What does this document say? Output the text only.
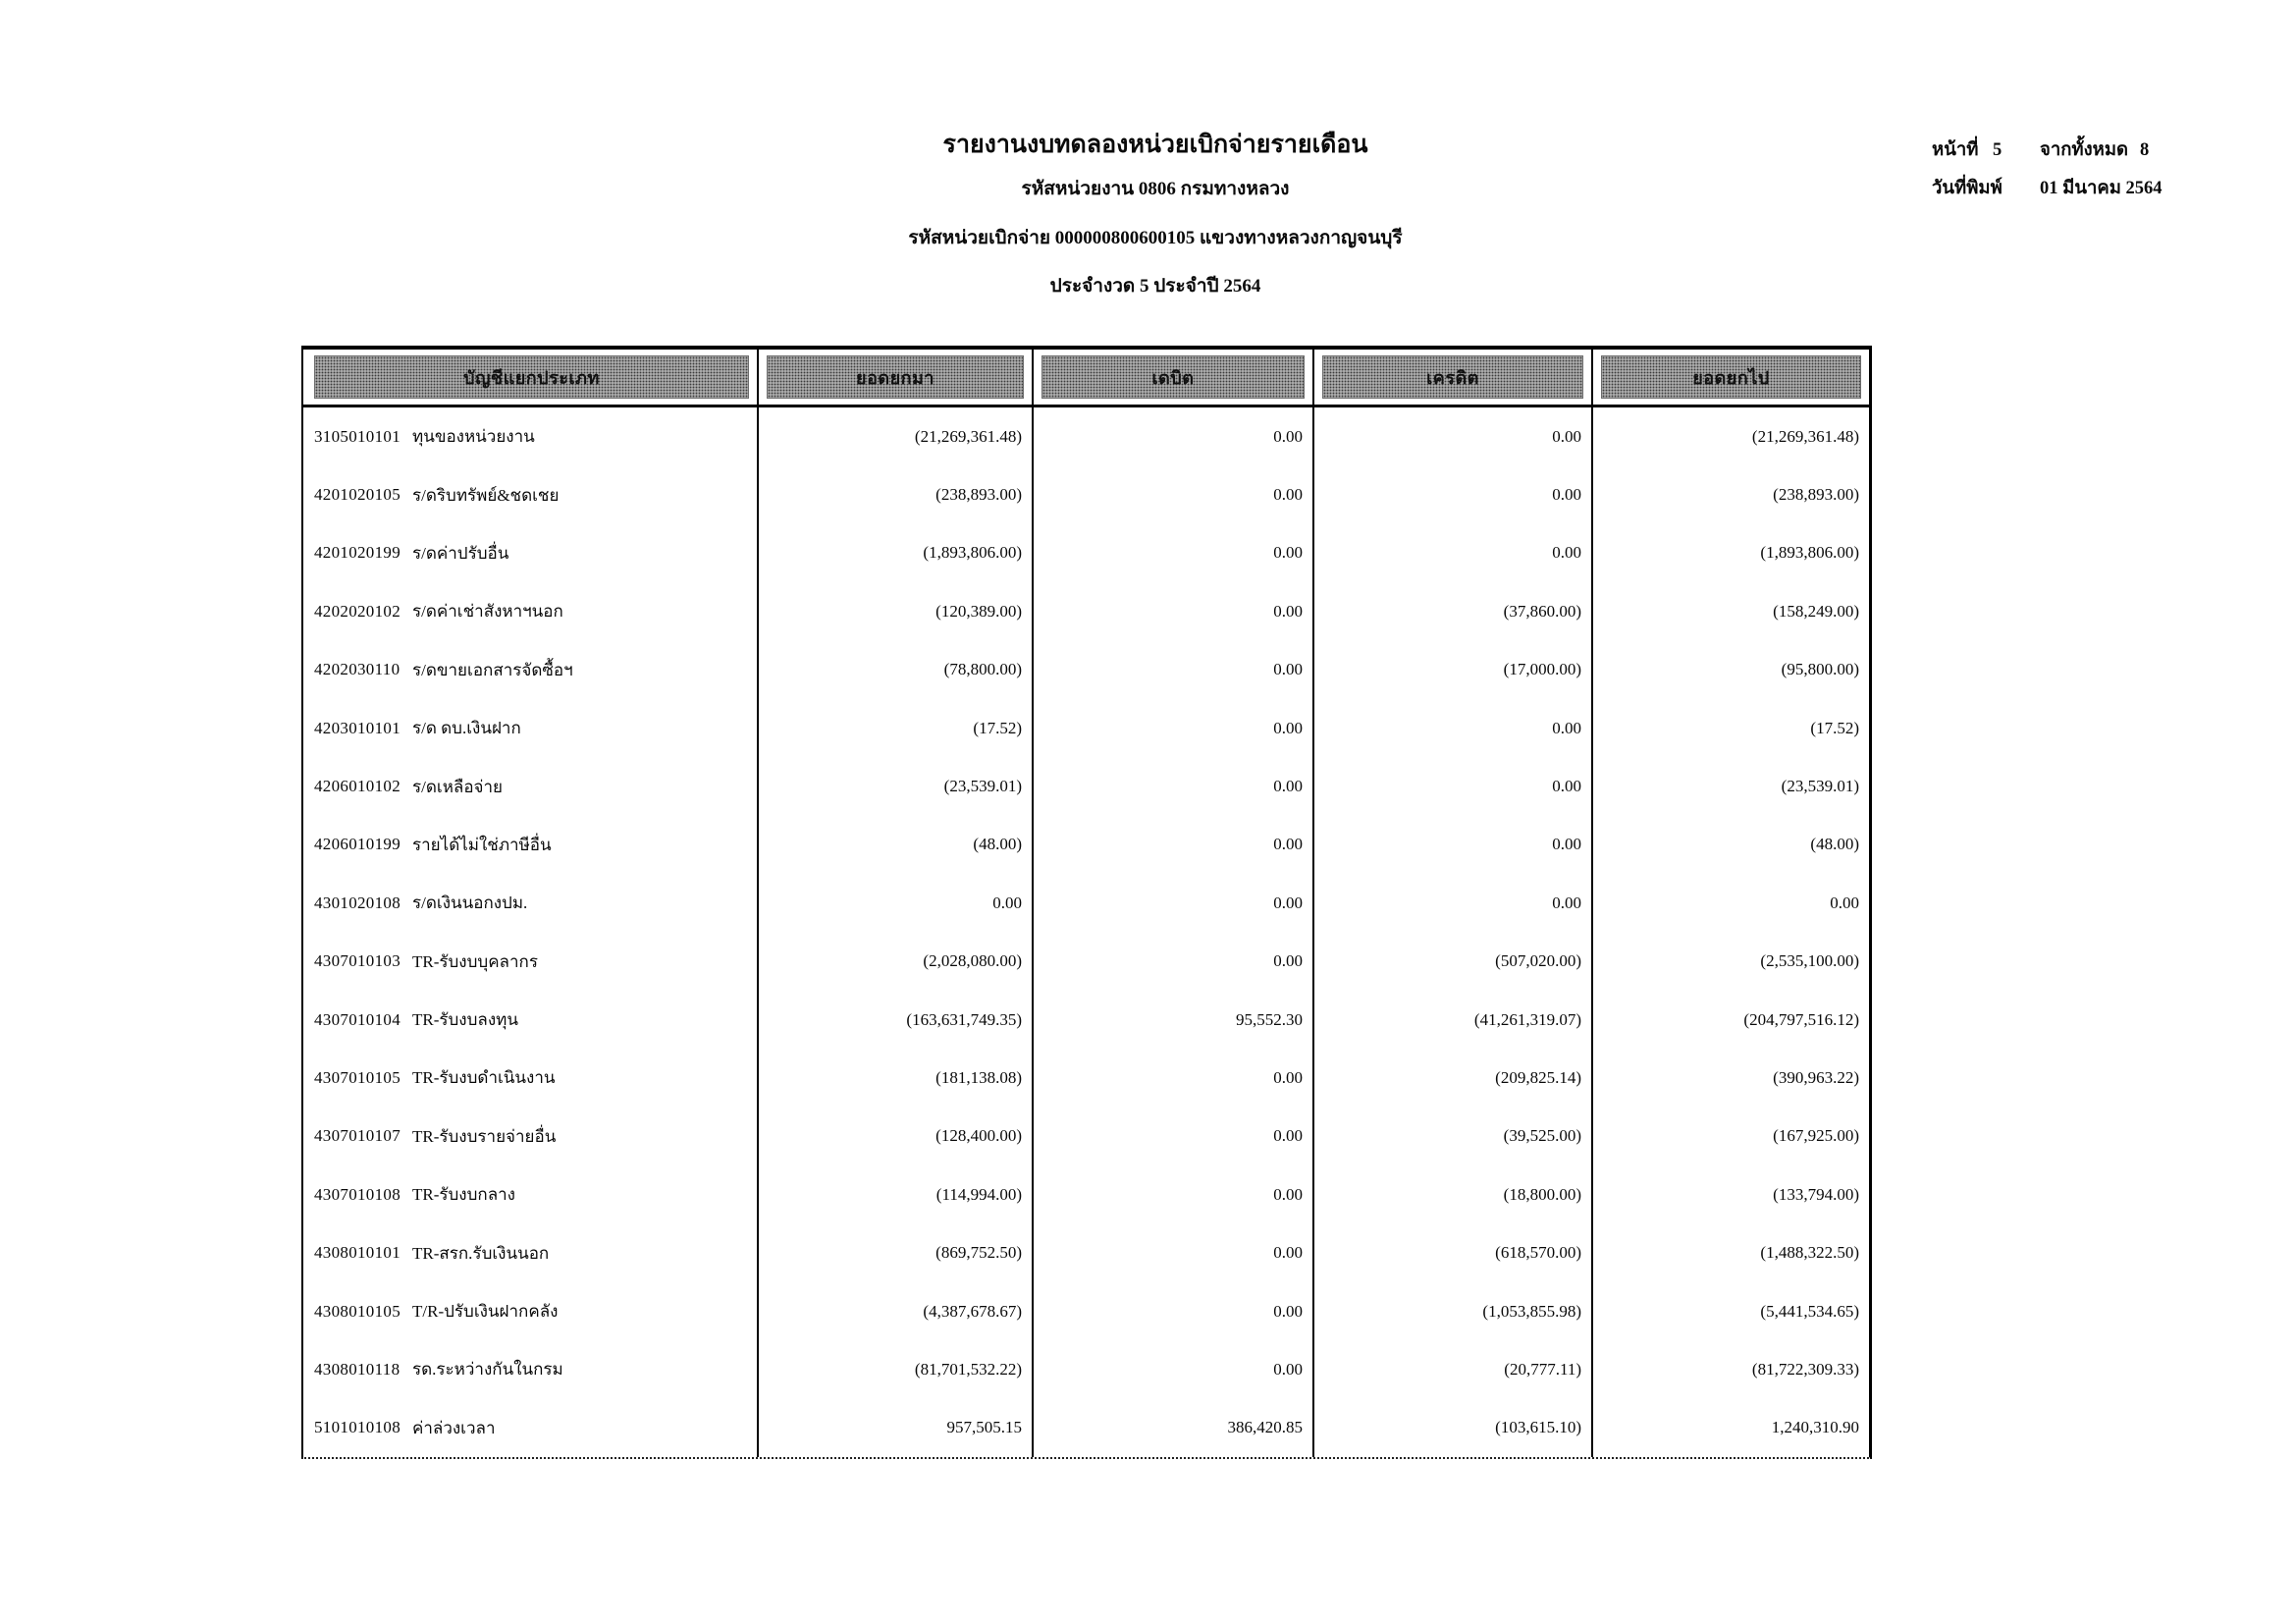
รายงานงบทดลองหน่วยเบิกจ่ายรายเดือน
รหัสหน่วยงาน 0806 กรมทางหลวง
รหัสหน่วยเบิกจ่าย 000000800600105 แขวงทางหลวงกาญจนบุรี
ประจำงวด 5 ประจำปี 2564
หน้าที่ 5	จากทั้งหมด 8
วันที่พิมพ์	01 มีนาคม 2564
บัญชีแยกประเภท	ยอดยกมา	เดบิต	เครดิต	ยอดยกไป
3105010101 ทุนของหน่วยงาน	(21,269,361.48)	0.00	0.00	(21,269,361.48)
4201020105 ร/ดริบทรัพย์&ชดเชย	(238,893.00)	0.00	0.00	(238,893.00)
4201020199 ร/ดค่าปรับอื่น	(1,893,806.00)	0.00	0.00	(1,893,806.00)
4202020102 ร/ดค่าเช่าสังหาฯนอก	(120,389.00)	0.00	(37,860.00)	(158,249.00)
4202030110 ร/ดขายเอกสารจัดซื้อฯ	(78,800.00)	0.00	(17,000.00)	(95,800.00)
4203010101 ร/ด ดบ.เงินฝาก	(17.52)	0.00	0.00	(17.52)
4206010102 ร/ดเหลือจ่าย	(23,539.01)	0.00	0.00	(23,539.01)
4206010199 รายได้ไม่ใช่ภาษีอื่น	(48.00)	0.00	0.00	(48.00)
4301020108 ร/ดเงินนอกงปม.	0.00	0.00	0.00	0.00
4307010103 TR-รับงบบุคลากร	(2,028,080.00)	0.00	(507,020.00)	(2,535,100.00)
4307010104 TR-รับงบลงทุน	(163,631,749.35)	95,552.30	(41,261,319.07)	(204,797,516.12)
4307010105 TR-รับงบดำเนินงาน	(181,138.08)	0.00	(209,825.14)	(390,963.22)
4307010107 TR-รับงบรายจ่ายอื่น	(128,400.00)	0.00	(39,525.00)	(167,925.00)
4307010108 TR-รับงบกลาง	(114,994.00)	0.00	(18,800.00)	(133,794.00)
4308010101 TR-สรก.รับเงินนอก	(869,752.50)	0.00	(618,570.00)	(1,488,322.50)
4308010105 T/R-ปรับเงินฝากคลัง	(4,387,678.67)	0.00	(1,053,855.98)	(5,441,534.65)
4308010118 รด.ระหว่างกันในกรม	(81,701,532.22)	0.00	(20,777.11)	(81,722,309.33)
5101010108 ค่าล่วงเวลา	957,505.15	386,420.85	(103,615.10)	1,240,310.90
